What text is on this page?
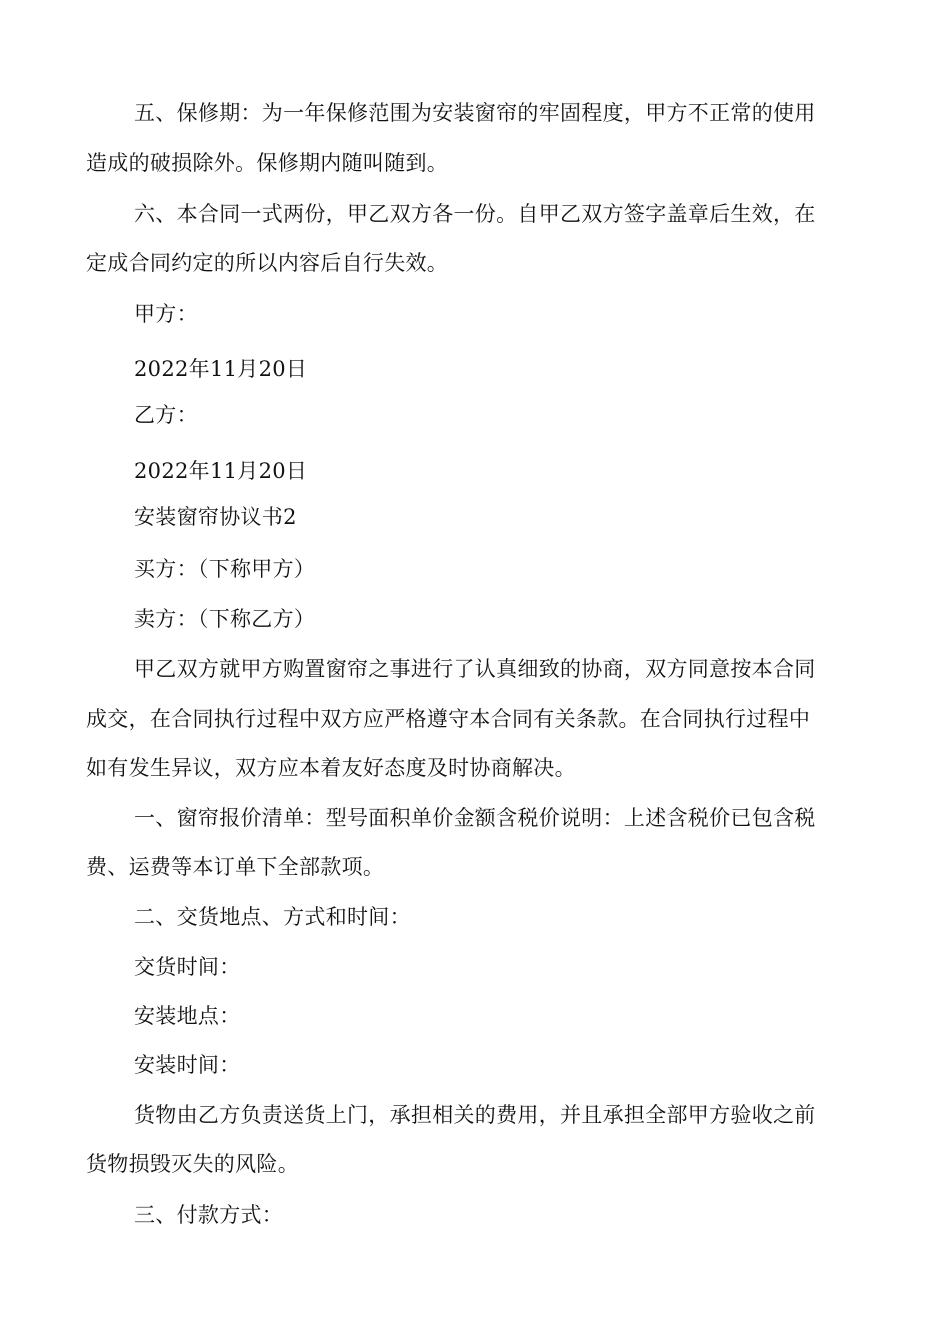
五、保修期：为一年保修范围为安装窗帘的牢固程度，甲方不正常的使用
造成的破损除外。保修期内随叫随到。
六、本合同一式两份，甲乙双方各一份。自甲乙双方签字盖章后生效，在
定成合同约定的所以内容后自行失效。
甲方：
2022年11月20日
乙方：
2022年11月20日
安装窗帘协议书2
买方：（下称甲方）
卖方：（下称乙方）
甲乙双方就甲方购置窗帘之事进行了认真细致的协商，双方同意按本合同
成交，在合同执行过程中双方应严格遵守本合同有关条款。在合同执行过程中
如有发生异议，双方应本着友好态度及时协商解决。
一、窗帘报价清单：型号面积单价金额含税价说明：上述含税价已包含税
费、运费等本订单下全部款项。
二、交货地点、方式和时间：
交货时间：
安装地点：
安装时间：
货物由乙方负责送货上门，承担相关的费用，并且承担全部甲方验收之前
货物损毁灭失的风险。
三、付款方式：
